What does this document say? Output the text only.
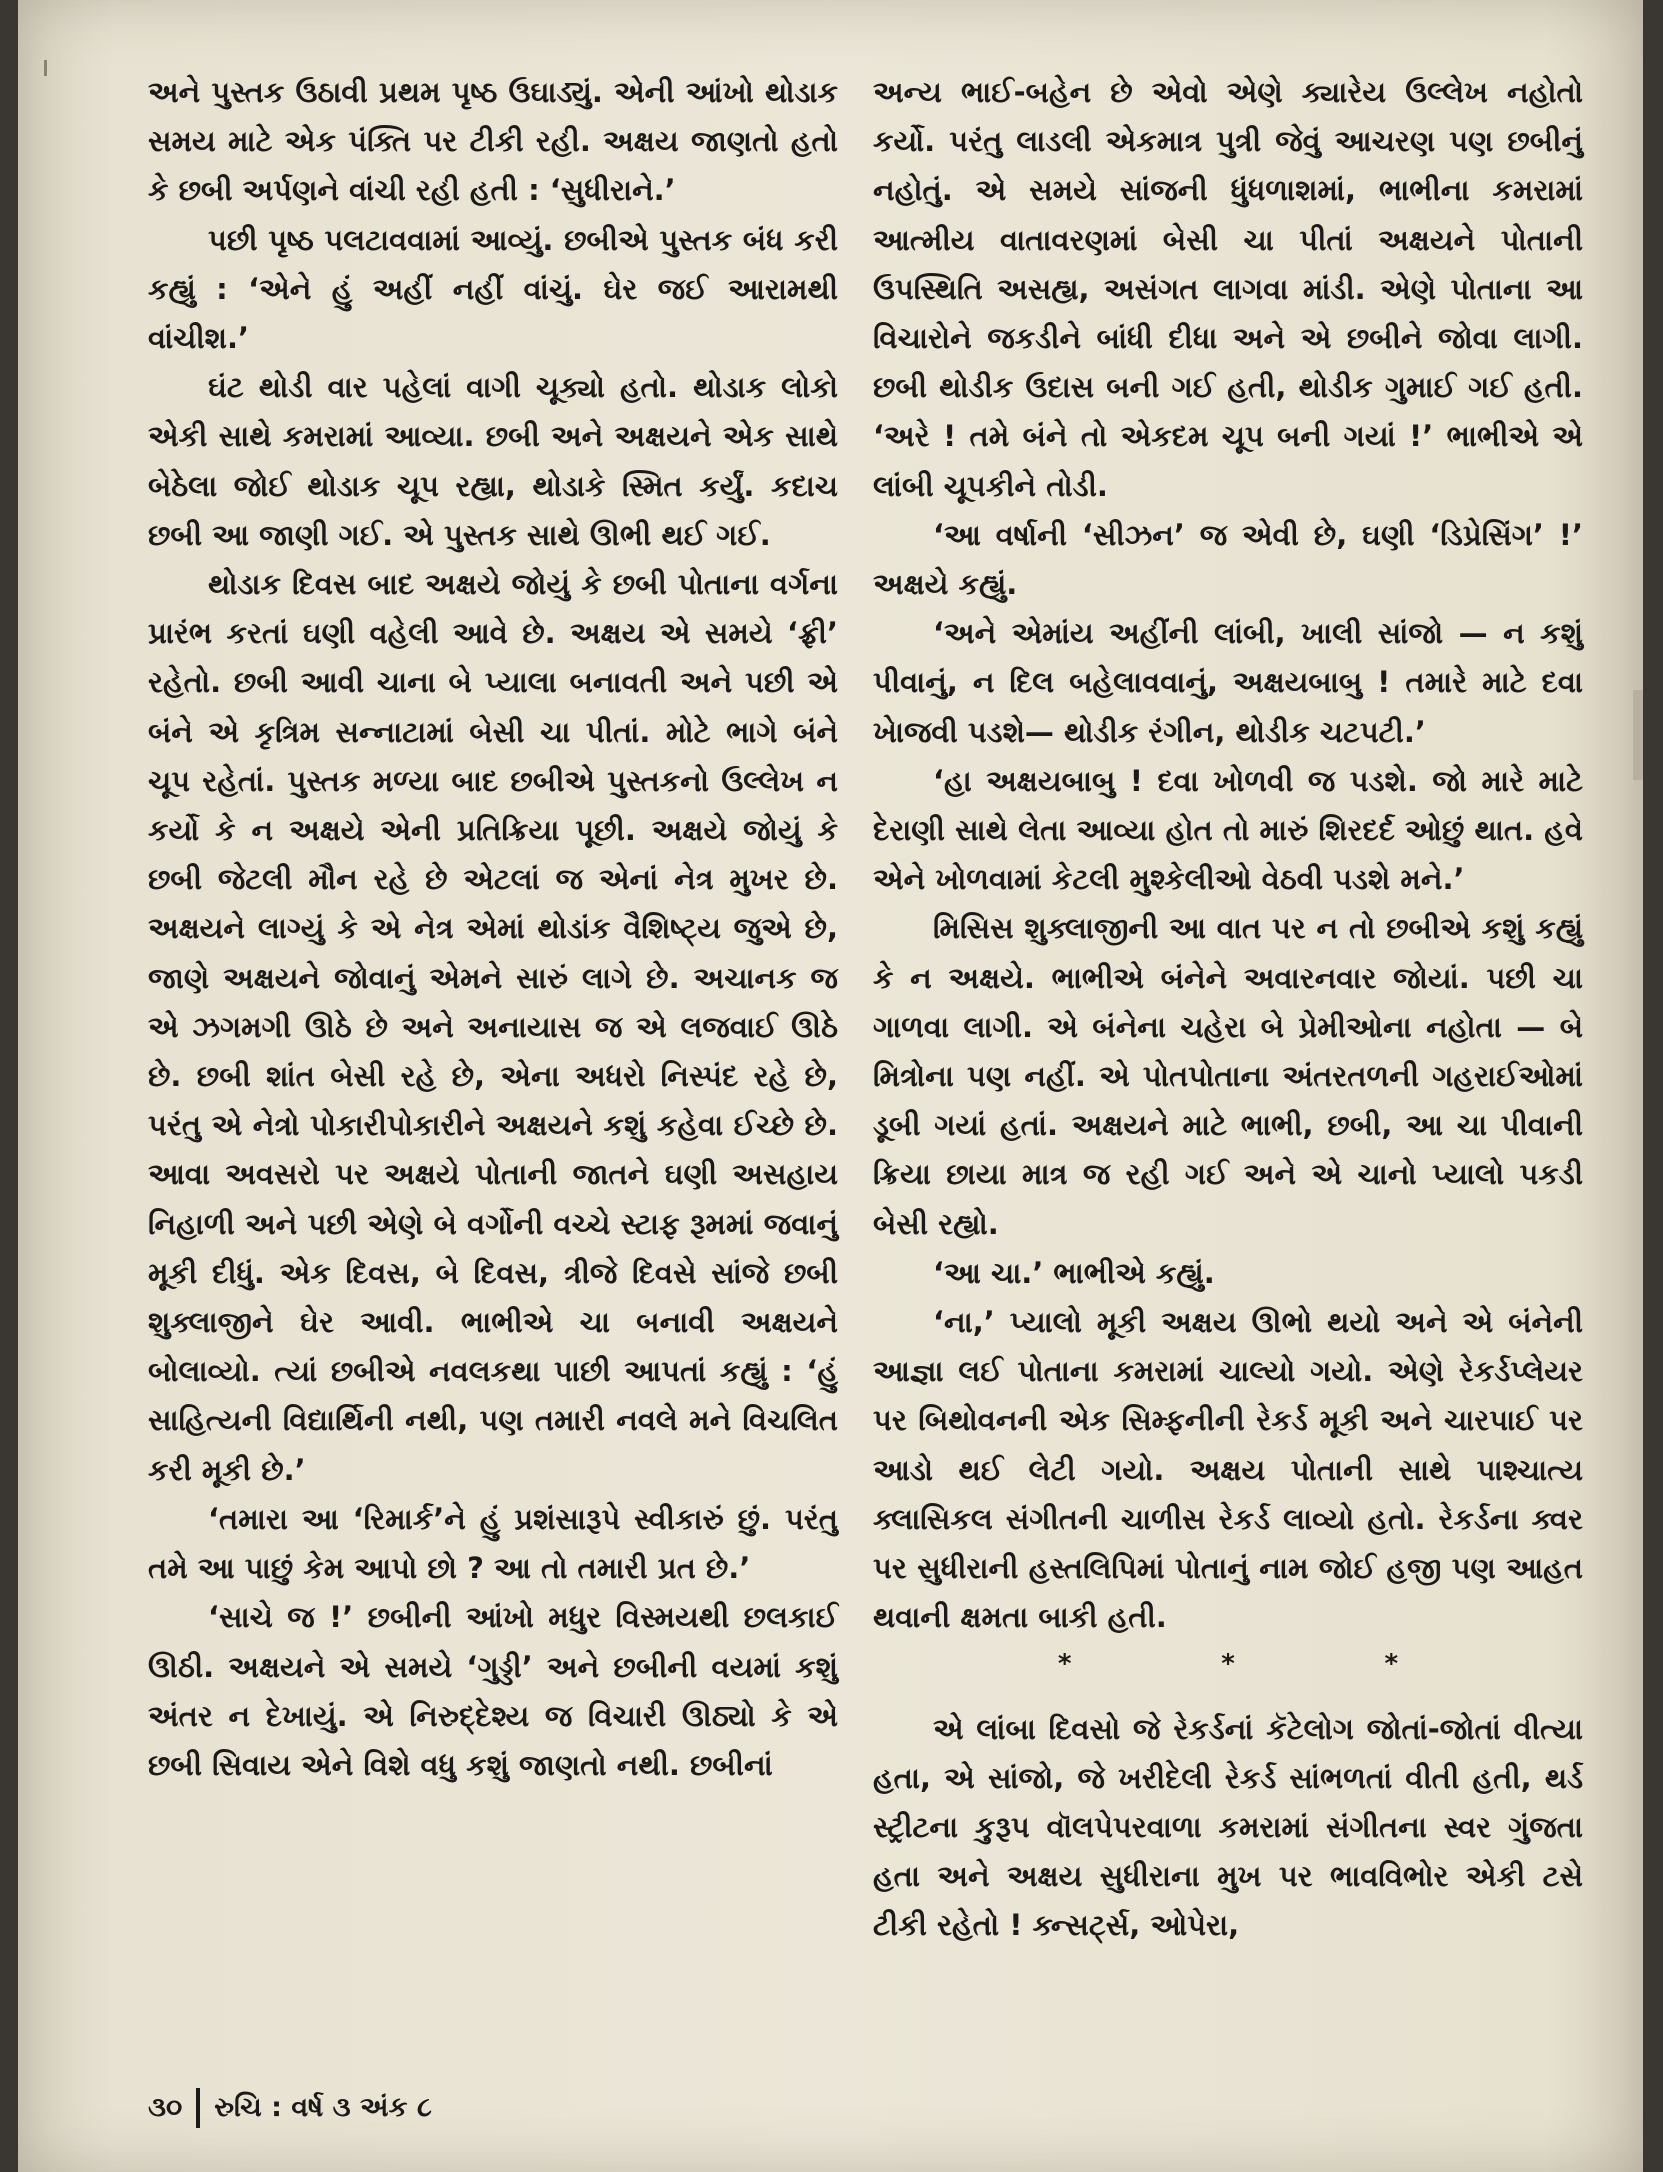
અને પુસ્તક ઉઠાવી પ્રથમ પૃષ્ઠ ઉઘાડ્યું. એની આંખો થોડાક સમય માટે એક પંક્તિ પર ટીકી રહી. અક્ષય જાણતો હતો કે છબી અર્પણને વાંચી રહી હતી : ‘સુધીરાને.’

પછી પૃષ્ઠ પલટાવવામાં આવ્યું. છબીએ પુસ્તક બંધ કરી કહ્યું : ‘એને હું અહીં નહીં વાંચું. ઘેર જઈ આરામથી વાંચીશ.’

ઘંટ થોડી વાર પહેલાં વાગી ચૂક્યો હતો. થોડાક લોકો એકી સાથે કમરામાં આવ્યા. છબી અને અક્ષયને એક સાથે બેઠેલા જોઈ થોડાક ચૂપ રહ્યા, થોડાકે સ્મિત કર્યું. કદાચ છબી આ જાણી ગઈ. એ પુસ્તક સાથે ઊભી થઈ ગઈ.

થોડાક દિવસ બાદ અક્ષયે જોયું કે છબી પોતાના વર્ગના પ્રારંભ કરતાં ઘણી વહેલી આવે છે. અક્ષય એ સમયે ‘ફ્રી’ રહેતો. છબી આવી ચાના બે પ્યાલા બનાવતી અને પછી એ બંને એ કૃત્રિમ સન્નાટામાં બેસી ચા પીતાં. મોટે ભાગે બંને ચૂપ રહેતાં. પુસ્તક મળ્યા બાદ છબીએ પુસ્તકનો ઉલ્લેખ ન કર્યો કે ન અક્ષયે એની પ્રતિક્રિયા પૂછી. અક્ષયે જોયું કે છબી જેટલી મૌન રહે છે એટલાં જ એનાં નેત્ર મુખર છે. અક્ષયને લાગ્યું કે એ નેત્ર એમાં થોડાંક વૈશિષ્ટ્ય જુએ છે, જાણે અક્ષયને જોવાનું એમને સારું લાગે છે. અચાનક જ એ ઝગમગી ઊઠે છે અને અનાયાસ જ એ લજવાઈ ઊઠે છે. છબી શાંત બેસી રહે છે, એના અધરો નિસ્પંદ રહે છે, પરંતુ એ નેત્રો પોકારીપોકારીને અક્ષયને કશું કહેવા ઈચ્છે છે. આવા અવસરો પર અક્ષયે પોતાની જાતને ઘણી અસહાય નિહાળી અને પછી એણે બે વર્ગોની વચ્ચે સ્ટાફ રૂમમાં જવાનું મૂકી દીધું. એક દિવસ, બે દિવસ, ત્રીજે દિવસે સાંજે છબી શુક્લાજીને ઘેર આવી. ભાભીએ ચા બનાવી અક્ષયને બોલાવ્યો. ત્યાં છબીએ નવલકથા પાછી આપતાં કહ્યું : ‘હું સાહિત્યની વિદ્યાર્થિની નથી, પણ તમારી નવલે મને વિચલિત કરી મૂકી છે.’

‘તમારા આ ‘રિમાર્ક’ને હું પ્રશંસારૂપે સ્વીકારું છું. પરંતુ તમે આ પાછું કેમ આપો છો ? આ તો તમારી પ્રત છે.’

‘સાચે જ !’ છબીની આંખો મધુર વિસ્મયથી છલકાઈ ઊઠી. અક્ષયને એ સમયે ‘ગુડ્ડી’ અને છબીની વયમાં કશું અંતર ન દેખાયું. એ નિરુદ્દેશ્ય જ વિચારી ઊઠ્યો કે એ છબી સિવાય એને વિશે વધુ કશું જાણતો નથી. છબીનાં

અન્ય ભાઈ-બહેન છે એવો એણે ક્યારેય ઉલ્લેખ નહોતો કર્યો. પરંતુ લાડલી એકમાત્ર પુત્રી જેવું આચરણ પણ છબીનું નહોતું. એ સમયે સાંજની ધુંધળાશમાં, ભાભીના કમરામાં આત્મીય વાતાવરણમાં બેસી ચા પીતાં અક્ષયને પોતાની ઉપસ્થિતિ અસહ્ય, અસંગત લાગવા માંડી. એણે પોતાના આ વિચારોને જકડીને બાંધી દીધા અને એ છબીને જોવા લાગી. છબી થોડીક ઉદાસ બની ગઈ હતી, થોડીક ગુમાઈ ગઈ હતી. ‘અરે ! તમે બંને તો એકદમ ચૂપ બની ગયાં !’ ભાભીએ એ લાંબી ચૂપકીને તોડી.

‘આ વર્ષાની ‘સીઝન’ જ એવી છે, ઘણી ‘ડિપ્રેસિંગ’ !’ અક્ષયે કહ્યું.

‘અને એમાંય અહીંની લાંબી, ખાલી સાંજો — ન કશું પીવાનું, ન દિલ બહેલાવવાનું, અક્ષયબાબુ ! તમારે માટે દવા ખેાજવી પડશે— થોડીક રંગીન, થોડીક ચટપટી.’

‘હા અક્ષયબાબુ ! દવા ખોળવી જ પડશે. જો મારે માટે દેરાણી સાથે લેતા આવ્યા હોત તો મારું શિરદર્દ ઓછું થાત. હવે એને ખોળવામાં કેટલી મુશ્કેલીઓ વેઠવી પડશે મને.’

મિસિસ શુક્લાજીની આ વાત પર ન તો છબીએ કશું કહ્યું કે ન અક્ષયે. ભાભીએ બંનેને અવારનવાર જોયાં. પછી ચા ગાળવા લાગી. એ બંનેના ચહેરા બે પ્રેમીઓના નહોતા — બે મિત્રોના પણ નહીં. એ પોતપોતાના અંતરતળની ગહરાઈઓમાં ડૂબી ગયાં હતાં. અક્ષયને માટે ભાભી, છબી, આ ચા પીવાની ક્રિયા છાયા માત્ર જ રહી ગઈ અને એ ચાનો પ્યાલો પકડી બેસી રહ્યો.

‘આ ચા.’ ભાભીએ કહ્યું.

‘ના,’ પ્યાલો મૂકી અક્ષય ઊભો થયો અને એ બંનેની આજ્ઞા લઈ પોતાના કમરામાં ચાલ્યો ગયો. એણે રેકર્ડપ્લેયર પર બિથોવનની એક સિમ્ફનીની રેકર્ડ મૂકી અને ચારપાઈ પર આડો થઈ લેટી ગયો. અક્ષય પોતાની સાથે પાશ્ચાત્ય ક્લાસિકલ સંગીતની ચાળીસ રેકર્ડ લાવ્યો હતો. રેકર્ડના ક્વર પર સુધીરાની હસ્તલિપિમાં પોતાનું નામ જોઈ હજી પણ આહત થવાની ક્ષમતા બાકી હતી.

*	*	*

એ લાંબા દિવસો જે રેકર્ડનાં કૅટેલોગ જોતાં-જોતાં વીત્યા હતા, એ સાંજો, જે ખરીદેલી રેકર્ડ સાંભળતાં વીતી હતી, થર્ડ સ્ટ્રીટના કુરૂપ વૉલપેપરવાળા કમરામાં સંગીતના સ્વર ગુંજતા હતા અને અક્ષય સુધીરાના મુખ પર ભાવવિભોર એકી ટસે ટીકી રહેતો ! ક્ન્સર્ટ્સ, ઓપેરા,

૩૦ રુચિ : વર્ષ ૩ અંક ૮
